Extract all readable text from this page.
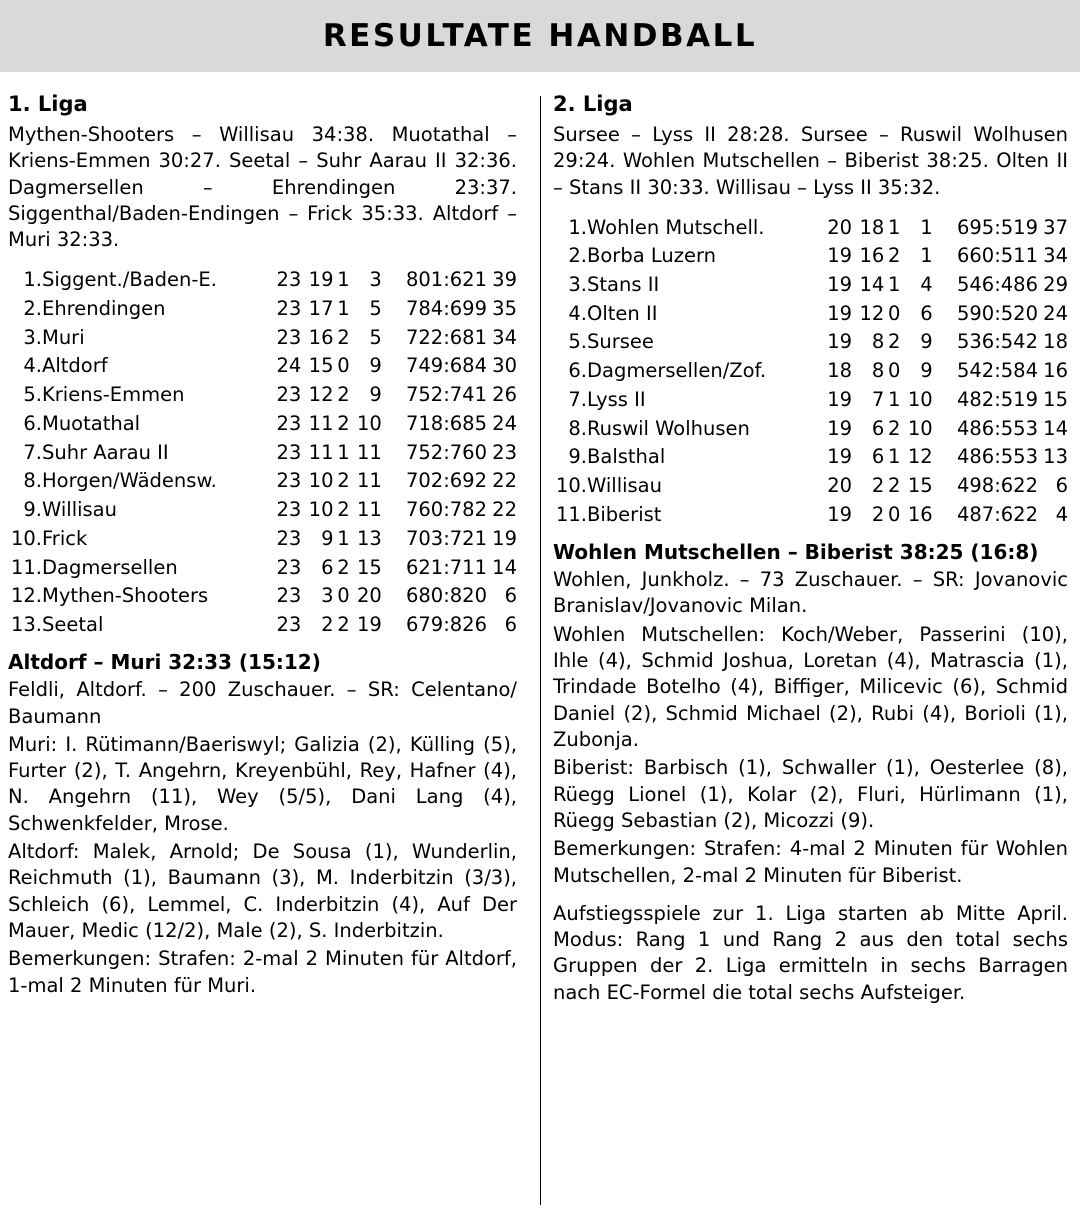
RESULTATE HANDBALL
1. Liga

Mythen-Shooters – Willisau 34:38. Muotathal – Kriens-Emmen 30:27. Seetal – Suhr Aarau II 32:36. Dagmersellen – Ehrendingen 23:37. Siggenthal/Baden-Endingen – Frick 35:33. Altdorf – Muri 32:33.

1.	Siggent./Baden-E.	23	19	1	3	801:621	39
2.	Ehrendingen	23	17	1	5	784:699	35
3.	Muri	23	16	2	5	722:681	34
4.	Altdorf	24	15	0	9	749:684	30
5.	Kriens-Emmen	23	12	2	9	752:741	26
6.	Muotathal	23	11	2	10	718:685	24
7.	Suhr Aarau II	23	11	1	11	752:760	23
8.	Horgen/Wädensw.	23	10	2	11	702:692	22
9.	Willisau	23	10	2	11	760:782	22
10.	Frick	23	9	1	13	703:721	19
11.	Dagmersellen	23	6	2	15	621:711	14
12.	Mythen-Shooters	23	3	0	20	680:820	6
13.	Seetal	23	2	2	19	679:826	6
Altdorf – Muri 32:33 (15:12)

Feldli, Altdorf. – 200 Zuschauer. – SR: Celentano/ Baumann

Muri: I. Rütimann/Baeriswyl; Galizia (2), Külling (5), Furter (2), T. Angehrn, Kreyenbühl, Rey, Hafner (4), N. Angehrn (11), Wey (5/5), Dani Lang (4), Schwenkfelder, Mrose.

Altdorf: Malek, Arnold; De Sousa (1), Wunderlin, Reichmuth (1), Baumann (3), M. Inderbitzin (3/3), Schleich (6), Lemmel, C. Inderbitzin (4), Auf Der Mauer, Medic (12/2), Male (2), S. Inderbitzin.

Bemerkungen: Strafen: 2-mal 2 Minuten für Altdorf, 1-mal 2 Minuten für Muri.

2. Liga

Sursee – Lyss II 28:28. Sursee – Ruswil Wolhusen 29:24. Wohlen Mutschellen – Biberist 38:25. Olten II – Stans II 30:33. Willisau – Lyss II 35:32.

1.	Wohlen Mutschell.	20	18	1	1	695:519	37
2.	Borba Luzern	19	16	2	1	660:511	34
3.	Stans II	19	14	1	4	546:486	29
4.	Olten II	19	12	0	6	590:520	24
5.	Sursee	19	8	2	9	536:542	18
6.	Dagmersellen/Zof.	18	8	0	9	542:584	16
7.	Lyss II	19	7	1	10	482:519	15
8.	Ruswil Wolhusen	19	6	2	10	486:553	14
9.	Balsthal	19	6	1	12	486:553	13
10.	Willisau	20	2	2	15	498:622	6
11.	Biberist	19	2	0	16	487:622	4
Wohlen Mutschellen – Biberist 38:25 (16:8)

Wohlen, Junkholz. – 73 Zuschauer. – SR: Jovanovic Branislav/Jovanovic Milan.

Wohlen Mutschellen: Koch/Weber, Passerini (10), Ihle (4), Schmid Joshua, Loretan (4), Matrascia (1), Trindade Botelho (4), Biffiger, Milicevic (6), Schmid Daniel (2), Schmid Michael (2), Rubi (4), Borioli (1), Zubonja.

Biberist: Barbisch (1), Schwaller (1), Oesterlee (8), Rüegg Lionel (1), Kolar (2), Fluri, Hürlimann (1), Rüegg Sebastian (2), Micozzi (9).

Bemerkungen: Strafen: 4-mal 2 Minuten für Wohlen Mutschellen, 2-mal 2 Minuten für Biberist.

Aufstiegsspiele zur 1. Liga starten ab Mitte April. Modus: Rang 1 und Rang 2 aus den total sechs Gruppen der 2. Liga ermitteln in sechs Barragen nach EC-Formel die total sechs Aufsteiger.
